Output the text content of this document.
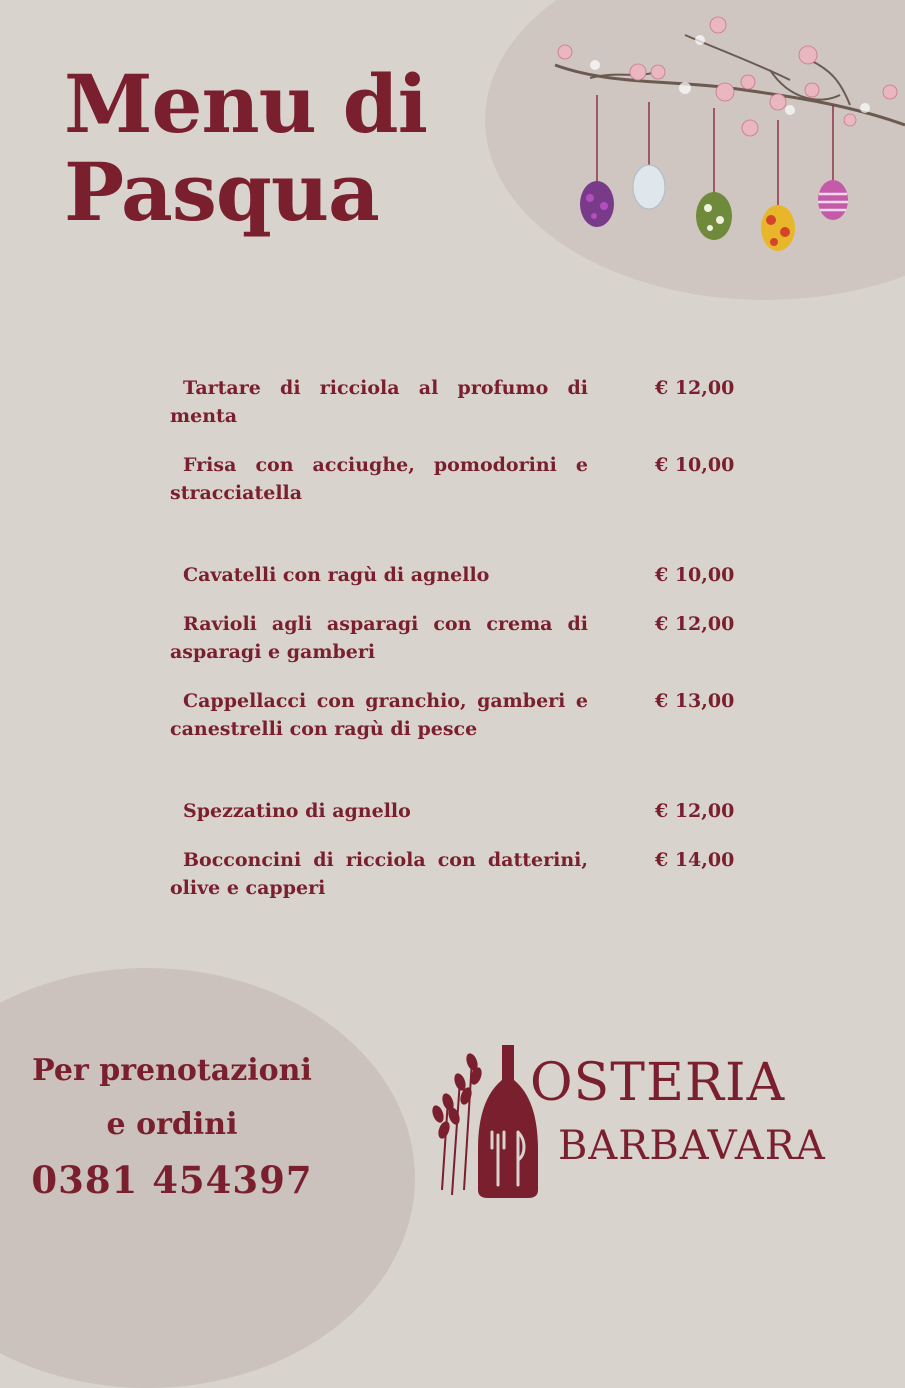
Menu di
Pasqua
Tartare di ricciola al profumo di menta
€ 12,00
Frisa con acciughe, pomodorini e stracciatella
€ 10,00
Cavatelli con ragù di agnello	€ 10,00
Ravioli agli asparagi con crema di asparagi e gamberi
€ 12,00
Cappellacci con granchio, gamberi e canestrelli con ragù di pesce
€ 13,00
Spezzatino di agnello	€ 12,00
Bocconcini di ricciola con datterini, olive e capperi
€ 14,00
Per prenotazioni
e ordini
0381 454397
OSTERIA
BARBAVARA
